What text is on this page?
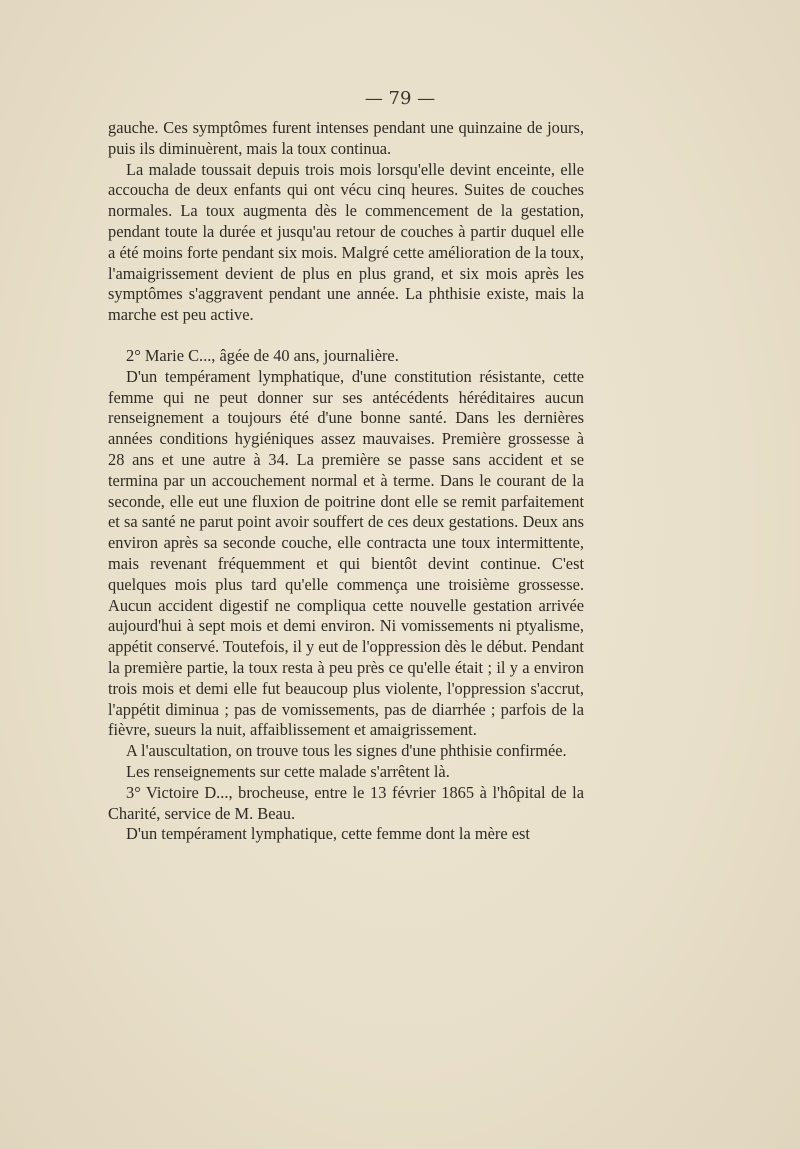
— 79 —

gauche. Ces symptômes furent intenses pendant une quinzaine de jours, puis ils diminuèrent, mais la toux continua.

La malade toussait depuis trois mois lorsqu'elle devint enceinte, elle accoucha de deux enfants qui ont vécu cinq heures. Suites de couches normales. La toux augmenta dès le commencement de la gestation, pendant toute la durée et jusqu'au retour de couches à partir duquel elle a été moins forte pendant six mois. Malgré cette amélioration de la toux, l'amaigrissement devient de plus en plus grand, et six mois après les symptômes s'aggravent pendant une année. La phthisie existe, mais la marche est peu active.

2° Marie C..., âgée de 40 ans, journalière.

D'un tempérament lymphatique, d'une constitution résistante, cette femme qui ne peut donner sur ses antécédents héréditaires aucun renseignement a toujours été d'une bonne santé. Dans les dernières années conditions hygiéniques assez mauvaises. Première grossesse à 28 ans et une autre à 34. La première se passe sans accident et se termina par un accouchement normal et à terme. Dans le courant de la seconde, elle eut une fluxion de poitrine dont elle se remit parfaitement et sa santé ne parut point avoir souffert de ces deux gestations. Deux ans environ après sa seconde couche, elle contracta une toux intermittente, mais revenant fréquemment et qui bientôt devint continue. C'est quelques mois plus tard qu'elle commença une troisième grossesse. Aucun accident digestif ne compliqua cette nouvelle gestation arrivée aujourd'hui à sept mois et demi environ. Ni vomissements ni ptyalisme, appétit conservé. Toutefois, il y eut de l'oppression dès le début. Pendant la première partie, la toux resta à peu près ce qu'elle était ; il y a environ trois mois et demi elle fut beaucoup plus violente, l'oppression s'accrut, l'appétit diminua ; pas de vomissements, pas de diarrhée ; parfois de la fièvre, sueurs la nuit, affaiblissement et amaigrissement.

A l'auscultation, on trouve tous les signes d'une phthisie confirmée.

Les renseignements sur cette malade s'arrêtent là.

3° Victoire D..., brocheuse, entre le 13 février 1865 à l'hôpital de la Charité, service de M. Beau.

D'un tempérament lymphatique, cette femme dont la mère est
